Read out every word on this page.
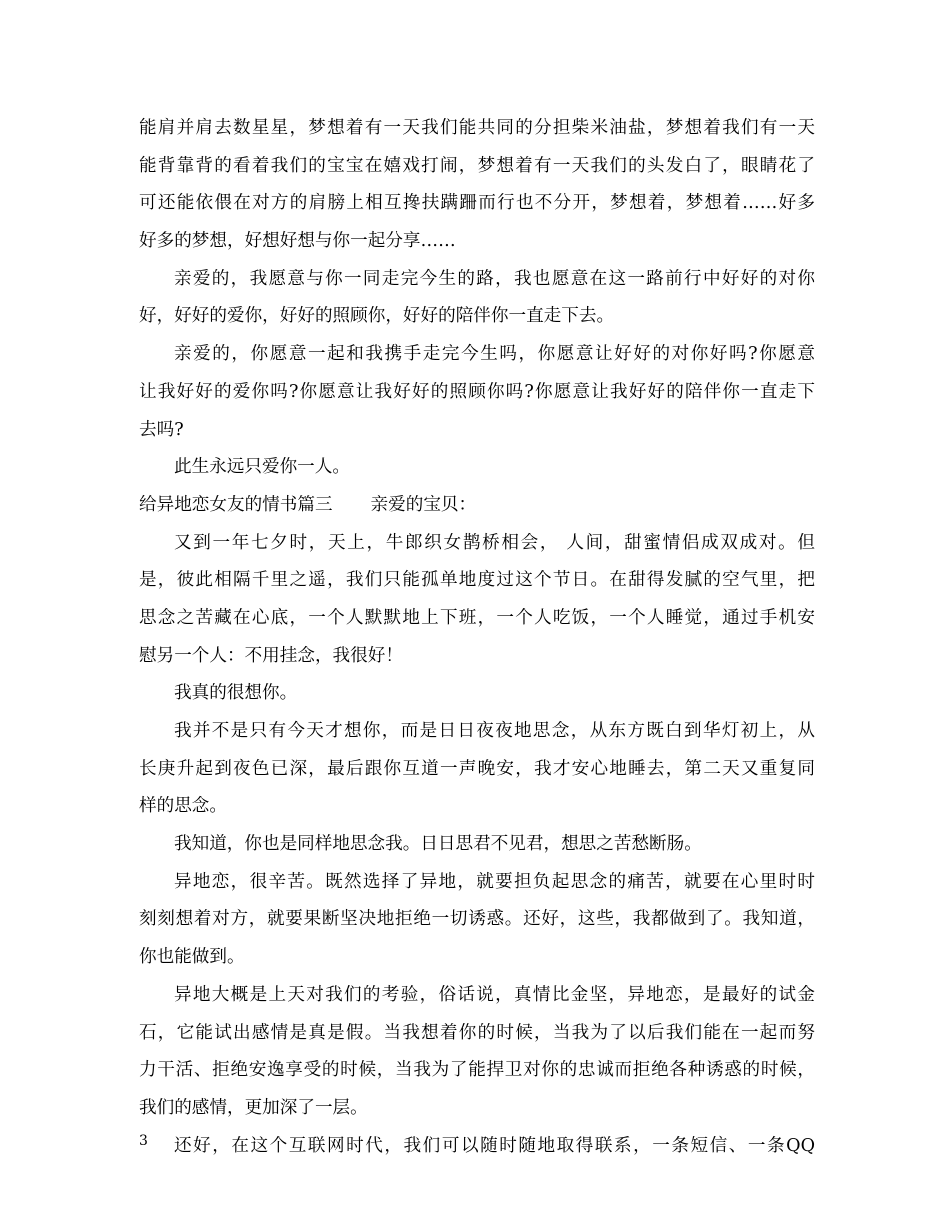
能肩并肩去数星星，梦想着有一天我们能共同的分担柴米油盐，梦想着我们有一天
能背靠背的看着我们的宝宝在嬉戏打闹，梦想着有一天我们的头发白了，眼睛花了
可还能依偎在对方的肩膀上相互搀扶蹒跚而行也不分开，梦想着，梦想着……好多
好多的梦想，好想好想与你一起分享……
亲爱的，我愿意与你一同走完今生的路，我也愿意在这一路前行中好好的对你
好，好好的爱你，好好的照顾你，好好的陪伴你一直走下去。
亲爱的，你愿意一起和我携手走完今生吗，你愿意让好好的对你好吗?你愿意
让我好好的爱你吗?你愿意让我好好的照顾你吗?你愿意让我好好的陪伴你一直走下
去吗?
此生永远只爱你一人。
给异地恋女友的情书篇三 亲爱的宝贝：
又到一年七夕时，天上，牛郎织女鹊桥相会， 人间，甜蜜情侣成双成对。但
是，彼此相隔千里之遥，我们只能孤单地度过这个节日。在甜得发腻的空气里，把
思念之苦藏在心底，一个人默默地上下班，一个人吃饭，一个人睡觉，通过手机安
慰另一个人：不用挂念，我很好！
我真的很想你。
我并不是只有今天才想你，而是日日夜夜地思念，从东方既白到华灯初上，从
长庚升起到夜色已深，最后跟你互道一声晚安，我才安心地睡去，第二天又重复同
样的思念。
我知道，你也是同样地思念我。日日思君不见君，想思之苦愁断肠。
异地恋，很辛苦。既然选择了异地，就要担负起思念的痛苦，就要在心里时时
刻刻想着对方，就要果断坚决地拒绝一切诱惑。还好，这些，我都做到了。我知道，
你也能做到。
异地大概是上天对我们的考验，俗话说，真情比金坚，异地恋，是最好的试金
石，它能试出感情是真是假。当我想着你的时候，当我为了以后我们能在一起而努
力干活、拒绝安逸享受的时候，当我为了能捍卫对你的忠诚而拒绝各种诱惑的时候，
我们的感情，更加深了一层。
还好，在这个互联网时代，我们可以随时随地取得联系，一条短信、一条QQ
3
